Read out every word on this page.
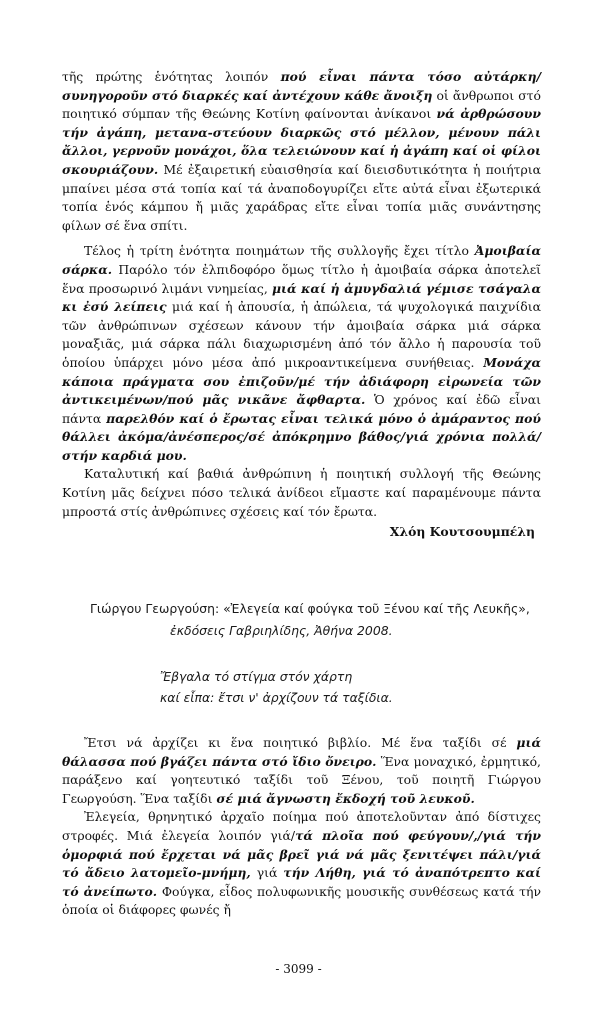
τῆς πρώτης ἑνότητας λοιπόν πού εἶναι πάντα τόσο αὐτάρκη/συνηγοροῦν στό διαρκές καί ἀντέχουν κάθε ἄνοιξη οἱ ἄνθρωποι στό ποιητικό σύμπαν τῆς Θεώνης Κοτίνη φαίνονται ἀνίκανοι νά ἀρθρώσουν τήν ἀγάπη, μετανα-στεύουν διαρκῶς στό μέλλον, μένουν πάλι ἄλλοι, γερνοῦν μονάχοι, ὅλα τελειώνουν καί ἡ ἀγάπη καί οἱ φίλοι σκουριάζουν. Μέ ἐξαιρετική εὐαισθησία καί διεισδυτικότητα ἡ ποιήτρια μπαίνει μέσα στά τοπία καί τά ἀναποδογυρίζει εἴτε αὐτά εἶναι ἐξωτερικά τοπία ἑνός κάμπου ἤ μιᾶς χαράδρας εἴτε εἶναι τοπία μιᾶς συνάντησης φίλων σέ ἕνα σπίτι.

Τέλος ἡ τρίτη ἑνότητα ποιημάτων τῆς συλλογῆς ἔχει τίτλο Ἀμοιβαία σάρκα. Παρόλο τόν ἐλπιδοφόρο ὅμως τίτλο ἡ ἀμοιβαία σάρκα ἀποτελεῖ ἕνα προσωρινό λιμάνι vνημείας, μιά καί ἡ ἀμυγδαλιά γέμισε τσάγαλα κι ἐσύ λείπεις μιά καί ἡ ἀπουσία, ἡ ἀπώλεια, τά ψυχολογικά παιχνίδια τῶν ἀνθρώπινων σχέσεων κάνουν τήν ἀμοιβαία σάρκα μιά σάρκα μοναξιᾶς, μιά σάρκα πάλι διαχωρισμένη ἀπό τόν ἄλλο ἡ παρουσία τοῦ ὁποίου ὑπάρχει μόνο μέσα ἀπό μικροαντικείμενα συνήθειας. Μονάχα κάποια πράγματα σου ἐπιζοῦν/μέ τήν ἀδιάφορη εἰρωνεία τῶν ἀντικειμένων/πού μᾶς νικᾶνε ἄφθαρτα. Ὁ χρόνος καί ἐδῶ εἶναι πάντα παρελθόν καί ὁ ἔρωτας εἶναι τελικά μόνο ὁ ἀμάραντος πού θάλλει ἀκόμα/ἀνέσπερος/σέ ἀπόκρημνο βάθος/γιά χρόνια πολλά/στήν καρδιά μου.

Καταλυτική καί βαθιά ἀνθρώπινη ἡ ποιητική συλλογή τῆς Θεώνης Κοτίνη μᾶς δείχνει πόσο τελικά ἀνίδεοι εἴμαστε καί παραμένουμε πάντα μπροστά στίς ἀνθρώπινες σχέσεις καί τόν ἔρωτα.

Χλόη Κουτσουμπέλη
Γιώργου Γεωργούση: «Ἐλεγεία καί φούγκα τοῦ Ξένου καί τῆς Λευκῆς»,
ἐκδόσεις Γαβριηλίδης, Ἀθήνα 2008.
Ἔβγαλα τό στίγμα στόν χάρτη
καί εἶπα: ἔτσι ν' ἀρχίζουν τά ταξίδια.

Ἔτσι νά ἀρχίζει κι ἕνα ποιητικό βιβλίο. Μέ ἕνα ταξίδι σέ μιά θάλασσα πού βγάζει πάντα στό ἴδιο ὄνειρο. Ἕνα μοναχικό, ἐρμητικό, παράξενο καί γοητευτικό ταξίδι τοῦ Ξένου, τοῦ ποιητῆ Γιώργου Γεωργούση. Ἕνα ταξίδι σέ μιά ἄγνωστη ἔκδοχή τοῦ λευκοῦ.

Ἐλεγεία, θρηνητικό ἀρχαῖο ποίημα πού ἀποτελοῦνταν ἀπό δίστιχες στροφές. Μιά ἐλεγεία λοιπόν γιά/τά πλοῖα πού φεύγουν/,/γιά τήν ὁμορφιά πού ἔρχεται νά μᾶς βρεῖ γιά νά μᾶς ξενιτέψει πάλι/γιά τό ἄδειο λατομεῖο-μνήμη, γιά τήν Λήθη, γιά τό ἀναπότρεπτο καί τό ἀνείπωτο. Φούγκα, εἶδος πολυφωνικῆς μουσικῆς συνθέσεως κατά τήν ὁποία οἱ διάφορες φωνές ἤ

- 3099 -
